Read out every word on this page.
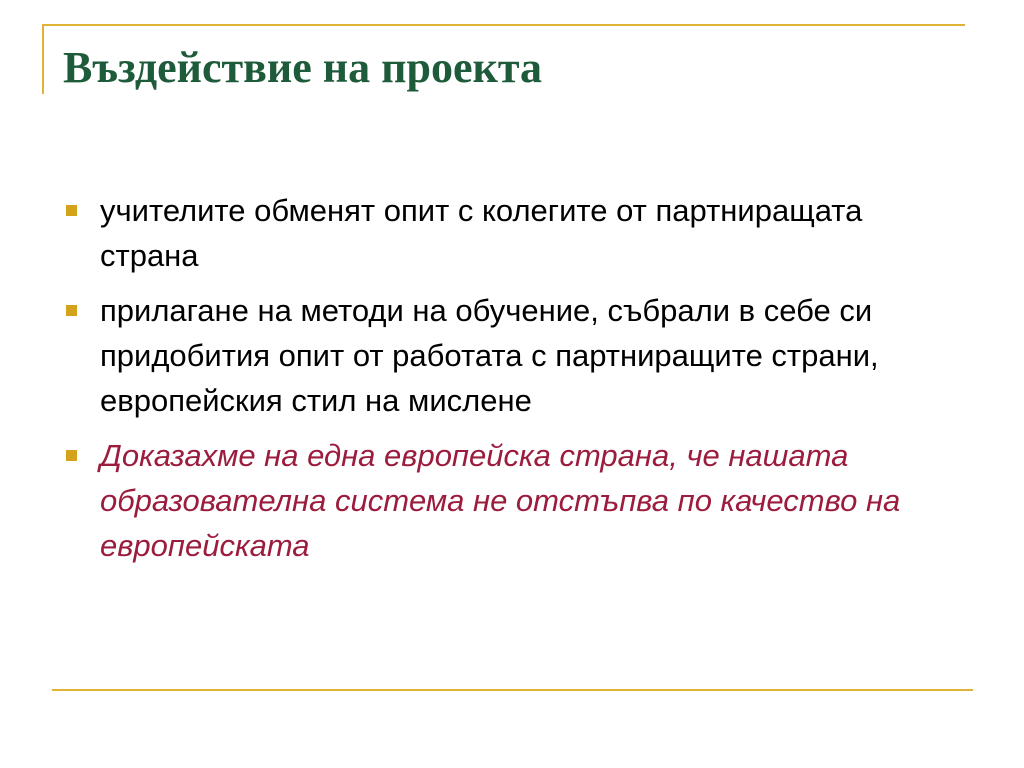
Въздействие на проекта
учителите обменят опит с колегите от партниращата страна
прилагане на методи на обучение, събрали в себе си придобития опит от работата с партниращите страни, европейския стил на мислене
Доказахме на една европейска страна, че нашата образователна система не отстъпва по качество на европейската
